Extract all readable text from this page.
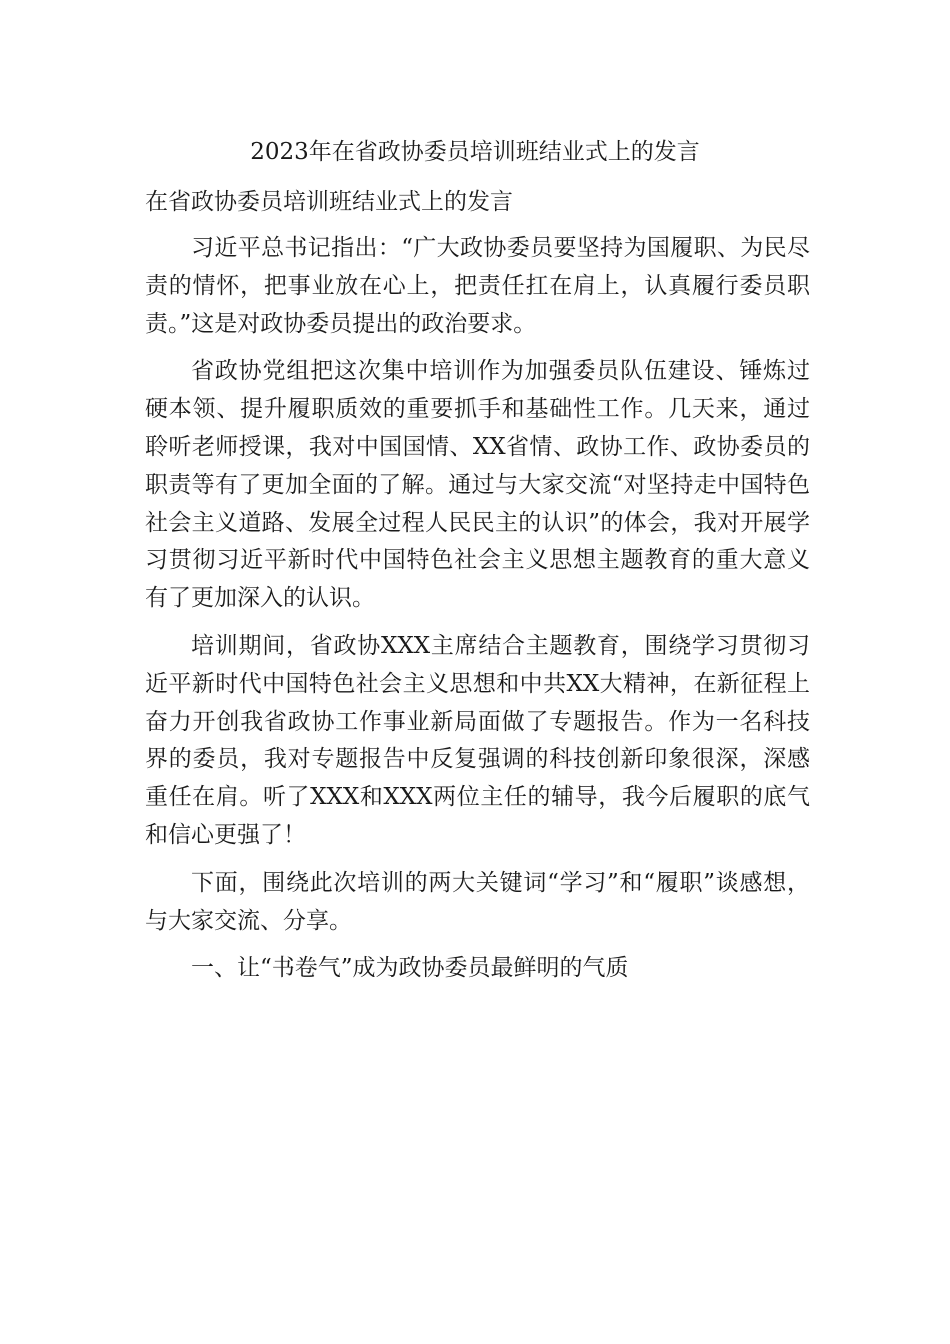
2023年在省政协委员培训班结业式上的发言
在省政协委员培训班结业式上的发言

习近平总书记指出：“广大政协委员要坚持为国履职、为民尽责的情怀，把事业放在心上，把责任扛在肩上，认真履行委员职责。”这是对政协委员提出的政治要求。

省政协党组把这次集中培训作为加强委员队伍建设、锤炼过硬本领、提升履职质效的重要抓手和基础性工作。几天来，通过聆听老师授课，我对中国国情、XX省情、政协工作、政协委员的职责等有了更加全面的了解。通过与大家交流“对坚持走中国特色社会主义道路、发展全过程人民民主的认识”的体会，我对开展学习贯彻习近平新时代中国特色社会主义思想主题教育的重大意义有了更加深入的认识。

培训期间，省政协XXX主席结合主题教育，围绕学习贯彻习近平新时代中国特色社会主义思想和中共XX大精神，在新征程上奋力开创我省政协工作事业新局面做了专题报告。作为一名科技界的委员，我对专题报告中反复强调的科技创新印象很深，深感重任在肩。听了XXX和XXX两位主任的辅导，我今后履职的底气和信心更强了！

下面，围绕此次培训的两大关键词“学习”和“履职”谈感想，与大家交流、分享。

一、让“书卷气”成为政协委员最鲜明的气质
